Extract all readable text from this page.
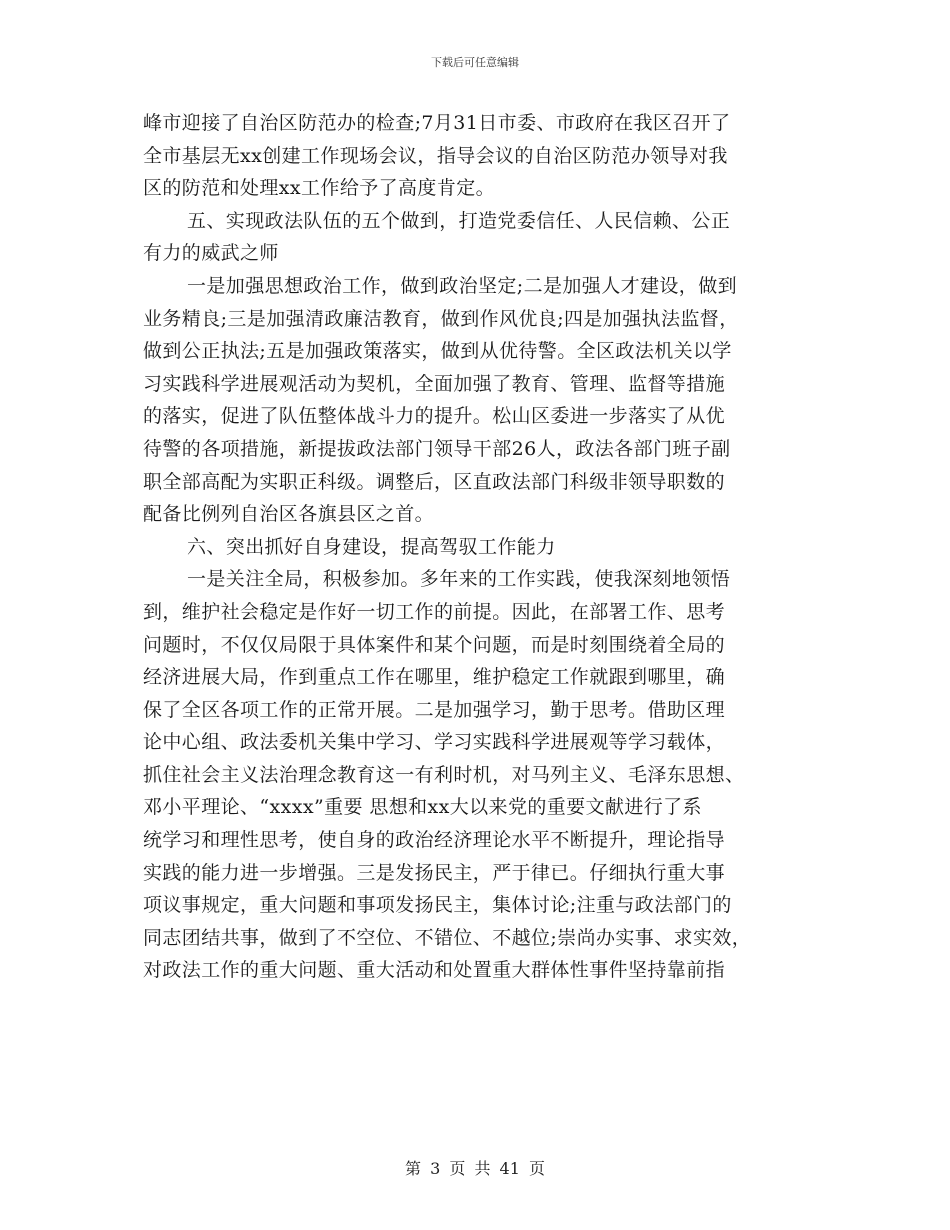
下载后可任意编辑
峰市迎接了自治区防范办的检查;7月31日市委、市政府在我区召开了
全市基层无xx创建工作现场会议，指导会议的自治区防范办领导对我
区的防范和处理xx工作给予了高度肯定。
五、实现政法队伍的五个做到，打造党委信任、人民信赖、公正
有力的威武之师
一是加强思想政治工作，做到政治坚定;二是加强人才建设，做到
业务精良;三是加强清政廉洁教育，做到作风优良;四是加强执法监督，
做到公正执法;五是加强政策落实，做到从优待警。全区政法机关以学
习实践科学进展观活动为契机，全面加强了教育、管理、监督等措施
的落实，促进了队伍整体战斗力的提升。松山区委进一步落实了从优
待警的各项措施，新提拔政法部门领导干部26人，政法各部门班子副
职全部高配为实职正科级。调整后，区直政法部门科级非领导职数的
配备比例列自治区各旗县区之首。
六、突出抓好自身建设，提高驾驭工作能力
一是关注全局，积极参加。多年来的工作实践，使我深刻地领悟
到，维护社会稳定是作好一切工作的前提。因此，在部署工作、思考
问题时，不仅仅局限于具体案件和某个问题，而是时刻围绕着全局的
经济进展大局，作到重点工作在哪里，维护稳定工作就跟到哪里，确
保了全区各项工作的正常开展。二是加强学习，勤于思考。借助区理
论中心组、政法委机关集中学习、学习实践科学进展观等学习载体，
抓住社会主义法治理念教育这一有利时机，对马列主义、毛泽东思想、
邓小平理论、“xxxx”重要 思想和xx大以来党的重要文献进行了系
统学习和理性思考，使自身的政治经济理论水平不断提升，理论指导
实践的能力进一步增强。三是发扬民主，严于律已。仔细执行重大事
项议事规定，重大问题和事项发扬民主，集体讨论;注重与政法部门的
同志团结共事，做到了不空位、不错位、不越位;崇尚办实事、求实效，
对政法工作的重大问题、重大活动和处置重大群体性事件坚持靠前指
第 3 页 共 41 页
